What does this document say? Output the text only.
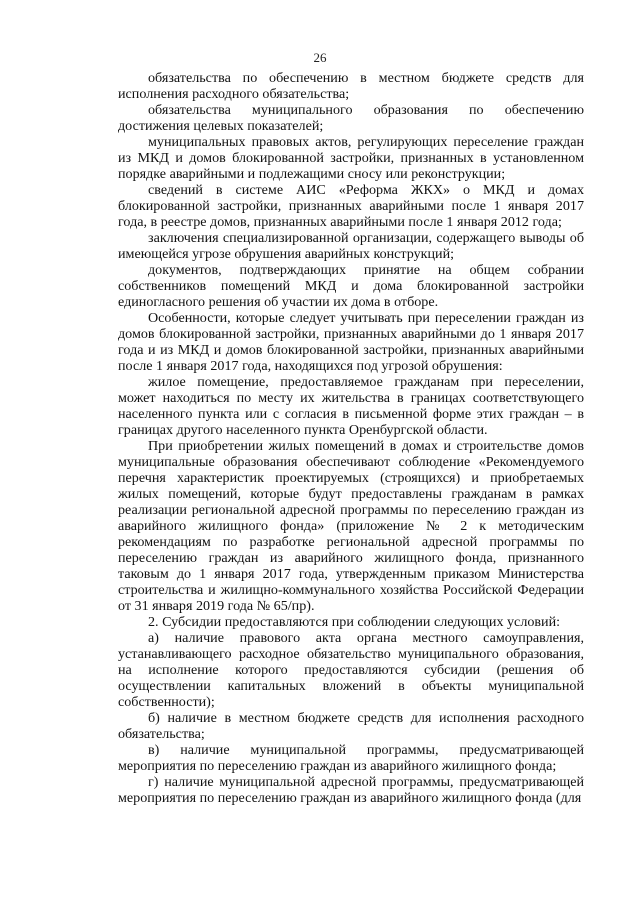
26

обязательства по обеспечению в местном бюджете средств для исполнения расходного обязательства;

обязательства муниципального образования по обеспечению достижения целевых показателей;

муниципальных правовых актов, регулирующих переселение граждан из МКД и домов блокированной застройки, признанных в установленном порядке аварийными и подлежащими сносу или реконструкции;

сведений в системе АИС «Реформа ЖКХ» о МКД и домах блокированной застройки, признанных аварийными после 1 января 2017 года, в реестре домов, признанных аварийными после 1 января 2012 года;

заключения специализированной организации, содержащего выводы об имеющейся угрозе обрушения аварийных конструкций;

документов, подтверждающих принятие на общем собрании собственников помещений МКД и дома блокированной застройки единогласного решения об участии их дома в отборе.

Особенности, которые следует учитывать при переселении граждан из домов блокированной застройки, признанных аварийными до 1 января 2017 года и из МКД и домов блокированной застройки, признанных аварийными после 1 января 2017 года, находящихся под угрозой обрушения:

жилое помещение, предоставляемое гражданам при переселении, может находиться по месту их жительства в границах соответствующего населенного пункта или с согласия в письменной форме этих граждан – в границах другого населенного пункта Оренбургской области.

При приобретении жилых помещений в домах и строительстве домов муниципальные образования обеспечивают соблюдение «Рекомендуемого перечня характеристик проектируемых (строящихся) и приобретаемых жилых помещений, которые будут предоставлены гражданам в рамках реализации региональной адресной программы по переселению граждан из аварийного жилищного фонда» (приложение № 2 к методическим рекомендациям по разработке региональной адресной программы по переселению граждан из аварийного жилищного фонда, признанного таковым до 1 января 2017 года, утвержденным приказом Министерства строительства и жилищно-коммунального хозяйства Российской Федерации от 31 января 2019 года № 65/пр).

2. Субсидии предоставляются при соблюдении следующих условий:

а) наличие правового акта органа местного самоуправления, устанавливающего расходное обязательство муниципального образования, на исполнение которого предоставляются субсидии (решения об осуществлении капитальных вложений в объекты муниципальной собственности);

б) наличие в местном бюджете средств для исполнения расходного обязательства;

в) наличие муниципальной программы, предусматривающей мероприятия по переселению граждан из аварийного жилищного фонда;

г) наличие муниципальной адресной программы, предусматривающей мероприятия по переселению граждан из аварийного жилищного фонда (для
